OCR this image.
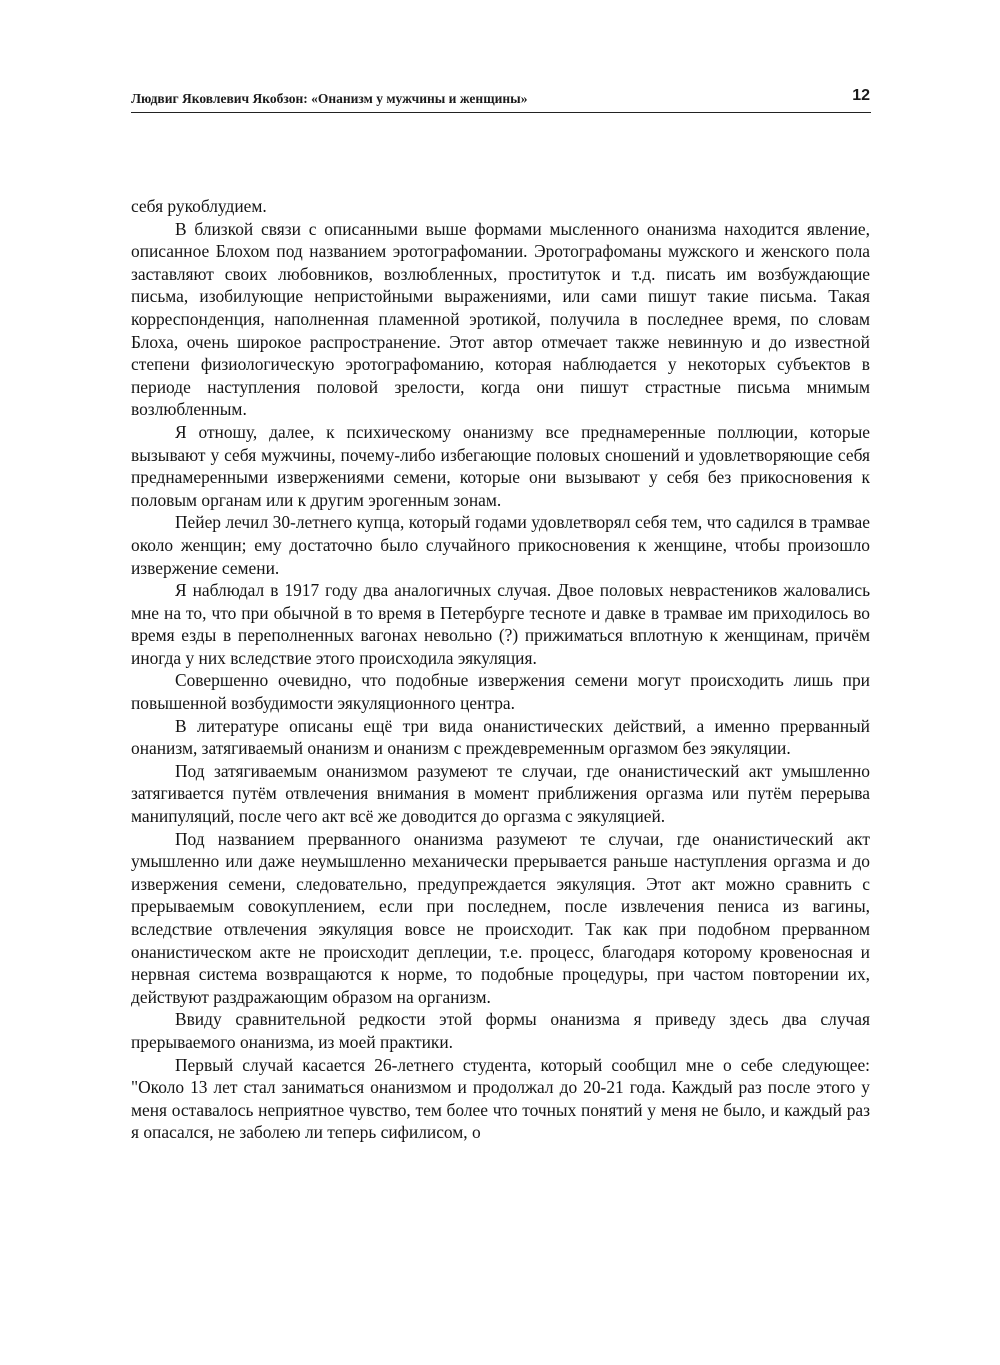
Людвиг Яковлевич Якобзон: «Онанизм у мужчины и женщины»	12

себя рукоблудием.

В близкой связи с описанными выше формами мысленного онанизма находится явление, описанное Блохом под названием эротографомании. Эротографоманы мужского и женского пола заставляют своих любовников, возлюбленных, проституток и т.д. писать им возбуждающие письма, изобилующие непристойными выражениями, или сами пишут такие письма. Такая корреспонденция, наполненная пламенной эротикой, получила в последнее время, по словам Блоха, очень широкое распространение. Этот автор отмечает также невинную и до известной степени физиологическую эротографоманию, которая наблюдается у некоторых субъектов в периоде наступления половой зрелости, когда они пишут страстные письма мнимым возлюбленным.

Я отношу, далее, к психическому онанизму все преднамеренные поллюции, которые вызывают у себя мужчины, почему-либо избегающие половых сношений и удовлетворяющие себя преднамеренными извержениями семени, которые они вызывают у себя без прикосновения к половым органам или к другим эрогенным зонам.

Пейер лечил 30-летнего купца, который годами удовлетворял себя тем, что садился в трамвае около женщин; ему достаточно было случайного прикосновения к женщине, чтобы произошло извержение семени.

Я наблюдал в 1917 году два аналогичных случая. Двое половых неврастеников жаловались мне на то, что при обычной в то время в Петербурге тесноте и давке в трамвае им приходилось во время езды в переполненных вагонах невольно (?) прижиматься вплотную к женщинам, причём иногда у них вследствие этого происходила эякуляция.

Совершенно очевидно, что подобные извержения семени могут происходить лишь при повышенной возбудимости эякуляционного центра.

В литературе описаны ещё три вида онанистических действий, а именно прерванный онанизм, затягиваемый онанизм и онанизм с преждевременным оргазмом без эякуляции.

Под затягиваемым онанизмом разумеют те случаи, где онанистический акт умышленно затягивается путём отвлечения внимания в момент приближения оргазма или путём перерыва манипуляций, после чего акт всё же доводится до оргазма с эякуляцией.

Под названием прерванного онанизма разумеют те случаи, где онанистический акт умышленно или даже неумышленно механически прерывается раньше наступления оргазма и до извержения семени, следовательно, предупреждается эякуляция. Этот акт можно сравнить с прерываемым совокуплением, если при последнем, после извлечения пениса из вагины, вследствие отвлечения эякуляция вовсе не происходит. Так как при подобном прерванном онанистическом акте не происходит деплеции, т.е. процесс, благодаря которому кровеносная и нервная система возвращаются к норме, то подобные процедуры, при частом повторении их, действуют раздражающим образом на организм.

Ввиду сравнительной редкости этой формы онанизма я приведу здесь два случая прерываемого онанизма, из моей практики.

Первый случай касается 26-летнего студента, который сообщил мне о себе следующее: "Около 13 лет стал заниматься онанизмом и продолжал до 20-21 года. Каждый раз после этого у меня оставалось неприятное чувство, тем более что точных понятий у меня не было, и каждый раз я опасался, не заболею ли теперь сифилисом, о
